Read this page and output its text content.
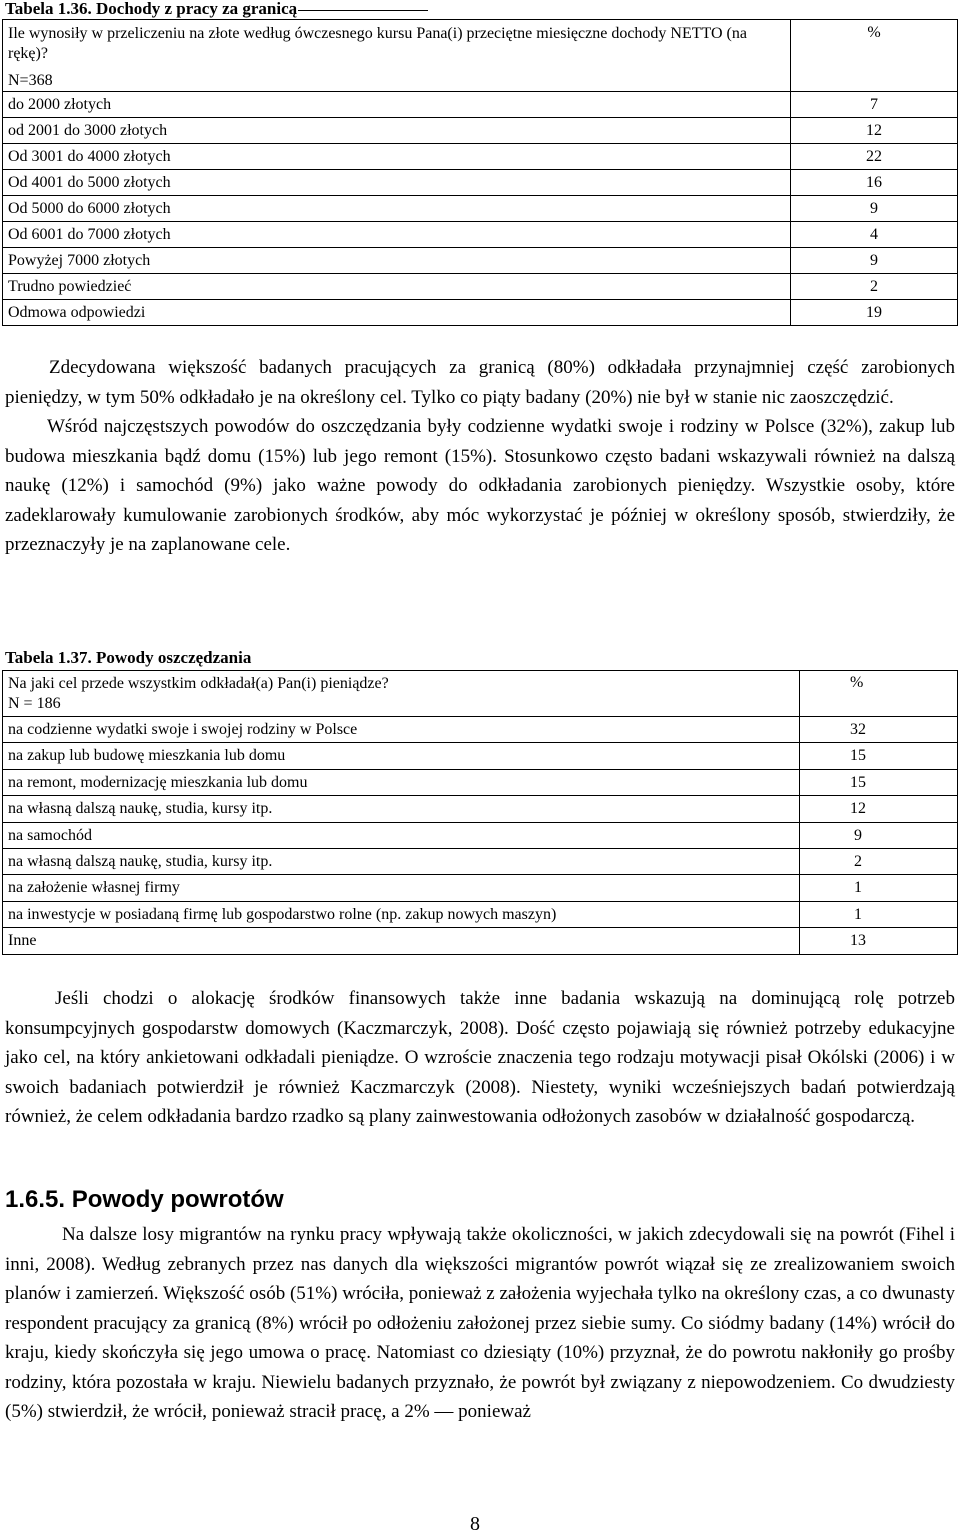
Tabela 1.36. Dochody z pracy za granicą
Ile wynosiły w przeliczeniu na złote według ówczesnego kursu Pana(i) przeciętne miesięczne dochody NETTO (na rękę)?
N=368	%
do 2000 złotych	7
od 2001 do 3000 złotych	12
Od 3001 do 4000 złotych	22
Od 4001 do 5000 złotych	16
Od 5000 do 6000 złotych	9
Od 6001 do 7000 złotych	4
Powyżej 7000 złotych	9
Trudno powiedzieć	2
Odmowa odpowiedzi	19

Zdecydowana większość badanych pracujących za granicą (80%) odkładała przynajmniej część zarobionych pieniędzy, w tym 50% odkładało je na określony cel. Tylko co piąty badany (20%) nie był w stanie nic zaoszczędzić.

Wśród najczęstszych powodów do oszczędzania były codzienne wydatki swoje i rodziny w Polsce (32%), zakup lub budowa mieszkania bądź domu (15%) lub jego remont (15%). Stosunkowo często badani wskazywali również na dalszą naukę (12%) i samochód (9%) jako ważne powody do odkładania zarobionych pieniędzy. Wszystkie osoby, które zadeklarowały kumulowanie zarobionych środków, aby móc wykorzystać je później w określony sposób, stwierdziły, że przeznaczyły je na zaplanowane cele.

Tabela 1.37. Powody oszczędzania
Na jaki cel przede wszystkim odkładał(a) Pan(i) pieniądze?
N = 186	%
na codzienne wydatki swoje i swojej rodziny w Polsce	32
na zakup lub budowę mieszkania lub domu	15
na remont, modernizację mieszkania lub domu	15
na własną dalszą naukę, studia, kursy itp.	12
na samochód	9
na własną dalszą naukę, studia, kursy itp.	2
na założenie własnej firmy	1
na inwestycje w posiadaną firmę lub gospodarstwo rolne (np. zakup nowych maszyn)	1
Inne	13

Jeśli chodzi o alokację środków finansowych także inne badania wskazują na dominującą rolę potrzeb konsumpcyjnych gospodarstw domowych (Kaczmarczyk, 2008). Dość często pojawiają się również potrzeby edukacyjne jako cel, na który ankietowani odkładali pieniądze. O wzroście znaczenia tego rodzaju motywacji pisał Okólski (2006) i w swoich badaniach potwierdził je również Kaczmarczyk (2008). Niestety, wyniki wcześniejszych badań potwierdzają również, że celem odkładania bardzo rzadko są plany zainwestowania odłożonych zasobów w działalność gospodarczą.

1.6.5. Powody powrotów

Na dalsze losy migrantów na rynku pracy wpływają także okoliczności, w jakich zdecydowali się na powrót (Fihel i inni, 2008). Według zebranych przez nas danych dla większości migrantów powrót wiązał się ze zrealizowaniem swoich planów i zamierzeń. Większość osób (51%) wróciła, ponieważ z założenia wyjechała tylko na określony czas, a co dwunasty respondent pracujący za granicą (8%) wrócił po odłożeniu założonej przez siebie sumy. Co siódmy badany (14%) wrócił do kraju, kiedy skończyła się jego umowa o pracę. Natomiast co dziesiąty (10%) przyznał, że do powrotu nakłoniły go prośby rodziny, która pozostała w kraju. Niewielu badanych przyznało, że powrót był związany z niepowodzeniem. Co dwudziesty (5%) stwierdził, że wrócił, ponieważ stracił pracę, a 2% — ponieważ

8
